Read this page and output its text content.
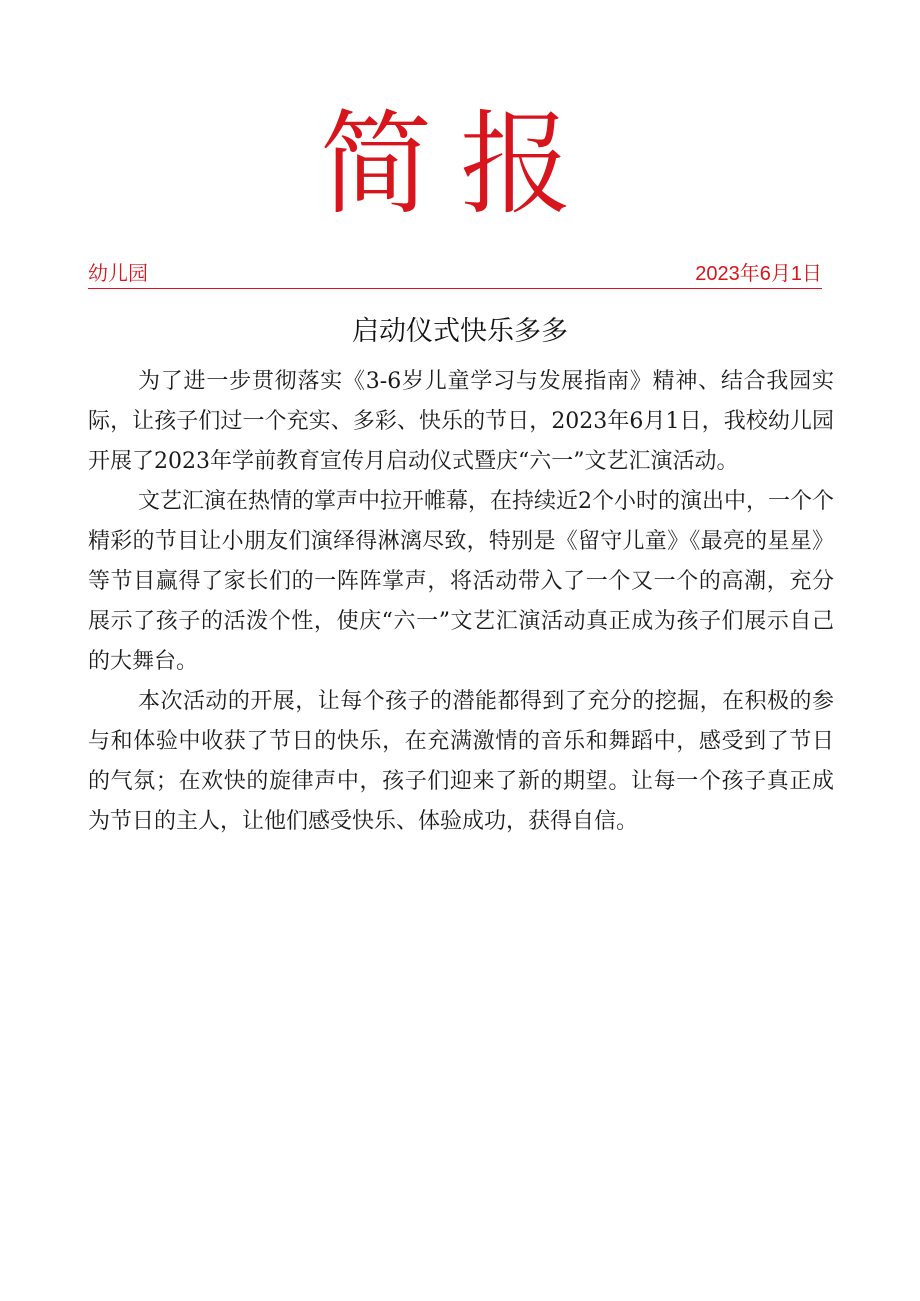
简报
幼儿园	2023年6月1日
启动仪式快乐多多

为了进一步贯彻落实《3-6岁儿童学习与发展指南》精神、结合我园实际，让孩子们过一个充实、多彩、快乐的节日，2023年6月1日，我校幼儿园开展了2023年学前教育宣传月启动仪式暨庆“六一”文艺汇演活动。

文艺汇演在热情的掌声中拉开帷幕，在持续近2个小时的演出中，一个个精彩的节目让小朋友们演绎得淋漓尽致，特别是《留守儿童》《最亮的星星》等节目赢得了家长们的一阵阵掌声，将活动带入了一个又一个的高潮，充分展示了孩子的活泼个性，使庆“六一”文艺汇演活动真正成为孩子们展示自己的大舞台。

本次活动的开展，让每个孩子的潜能都得到了充分的挖掘，在积极的参与和体验中收获了节日的快乐，在充满激情的音乐和舞蹈中，感受到了节日的气氛；在欢快的旋律声中，孩子们迎来了新的期望。让每一个孩子真正成为节日的主人，让他们感受快乐、体验成功，获得自信。
